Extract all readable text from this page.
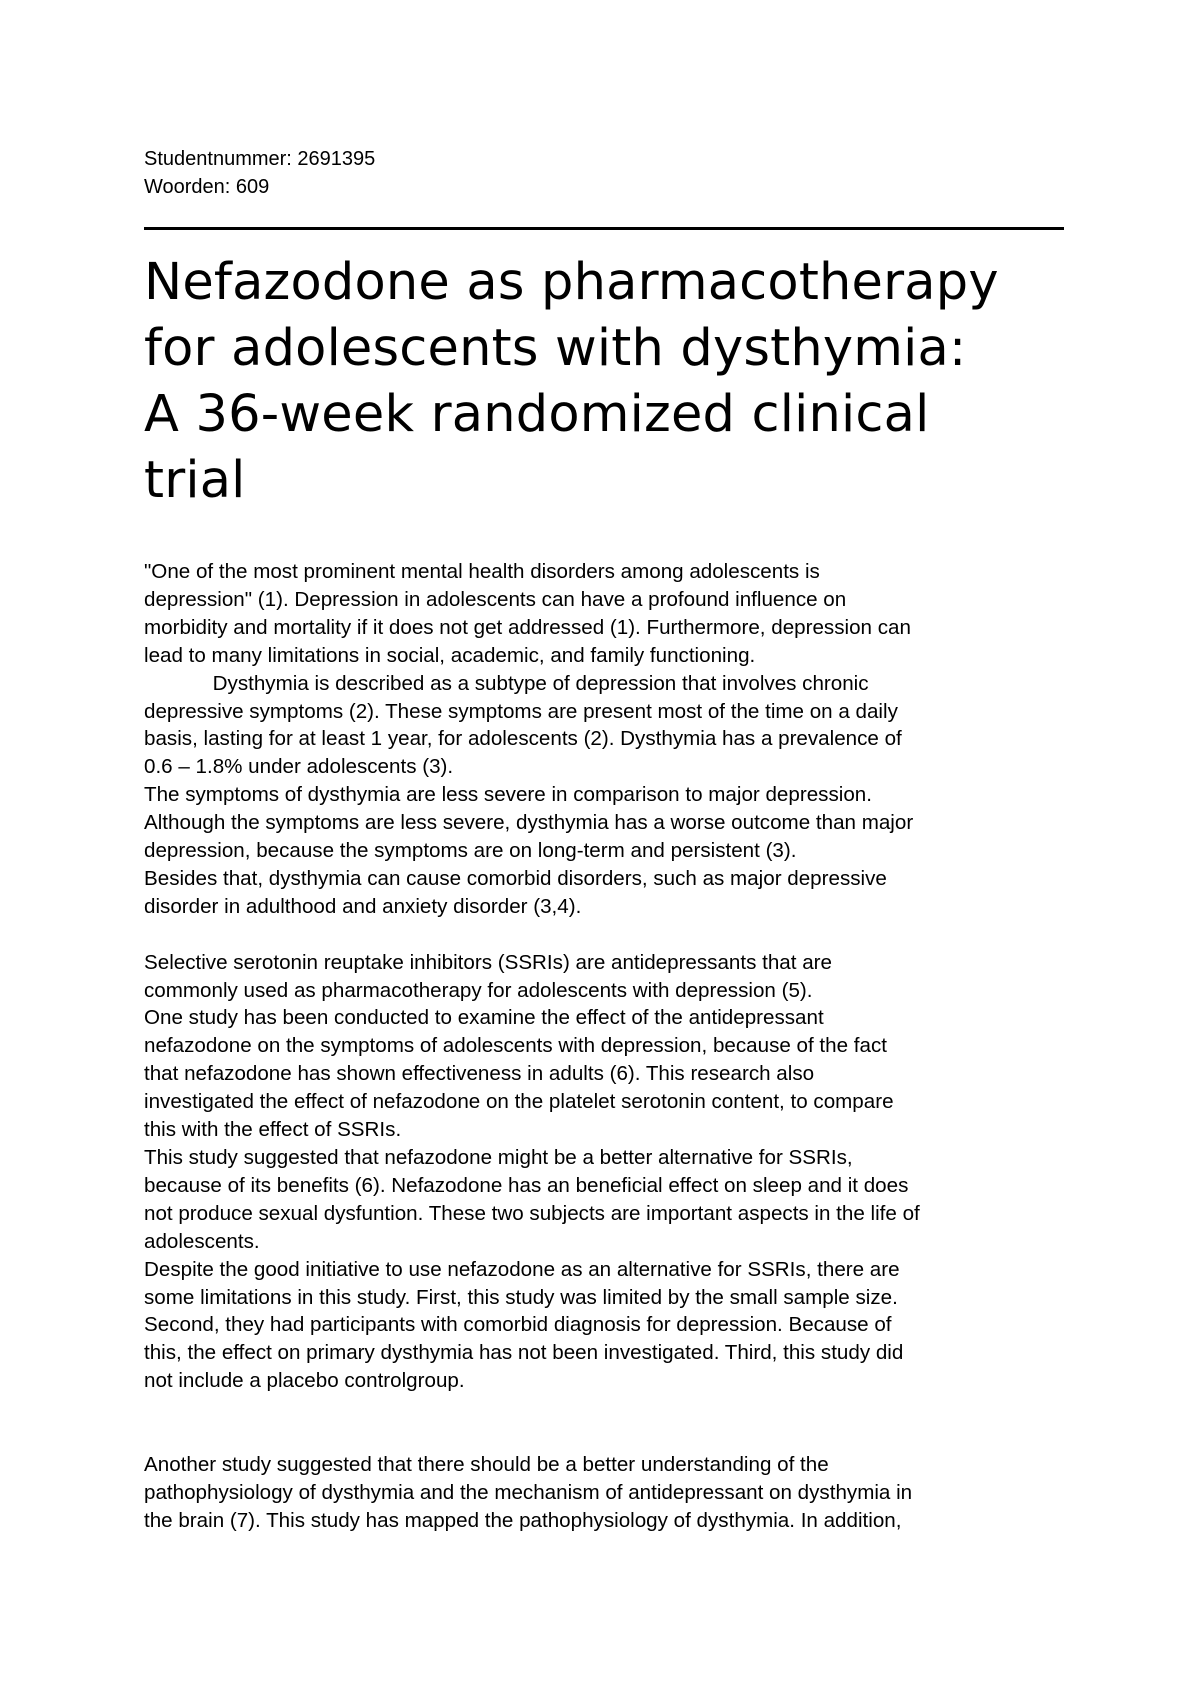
Studentnummer: 2691395
Woorden: 609
Nefazodone as pharmacotherapy
for adolescents with dysthymia:
A 36-week randomized clinical
trial
"One of the most prominent mental health disorders among adolescents is
depression" (1). Depression in adolescents can have a profound influence on
morbidity and mortality if it does not get addressed (1). Furthermore, depression can
lead to many limitations in social, academic, and family functioning.
Dysthymia is described as a subtype of depression that involves chronic
depressive symptoms (2). These symptoms are present most of the time on a daily
basis, lasting for at least 1 year, for adolescents (2). Dysthymia has a prevalence of
0.6 – 1.8% under adolescents (3).
The symptoms of dysthymia are less severe in comparison to major depression.
Although the symptoms are less severe, dysthymia has a worse outcome than major
depression, because the symptoms are on long-term and persistent (3).
Besides that, dysthymia can cause comorbid disorders, such as major depressive
disorder in adulthood and anxiety disorder (3,4).
Selective serotonin reuptake inhibitors (SSRIs) are antidepressants that are
commonly used as pharmacotherapy for adolescents with depression (5).
One study has been conducted to examine the effect of the antidepressant
nefazodone on the symptoms of adolescents with depression, because of the fact
that nefazodone has shown effectiveness in adults (6). This research also
investigated the effect of nefazodone on the platelet serotonin content, to compare
this with the effect of SSRIs.
This study suggested that nefazodone might be a better alternative for SSRIs,
because of its benefits (6). Nefazodone has an beneficial effect on sleep and it does
not produce sexual dysfuntion. These two subjects are important aspects in the life of
adolescents.
Despite the good initiative to use nefazodone as an alternative for SSRIs, there are
some limitations in this study. First, this study was limited by the small sample size.
Second, they had participants with comorbid diagnosis for depression. Because of
this, the effect on primary dysthymia has not been investigated. Third, this study did
not include a placebo controlgroup.
Another study suggested that there should be a better understanding of the
pathophysiology of dysthymia and the mechanism of antidepressant on dysthymia in
the brain (7). This study has mapped the pathophysiology of dysthymia. In addition,
